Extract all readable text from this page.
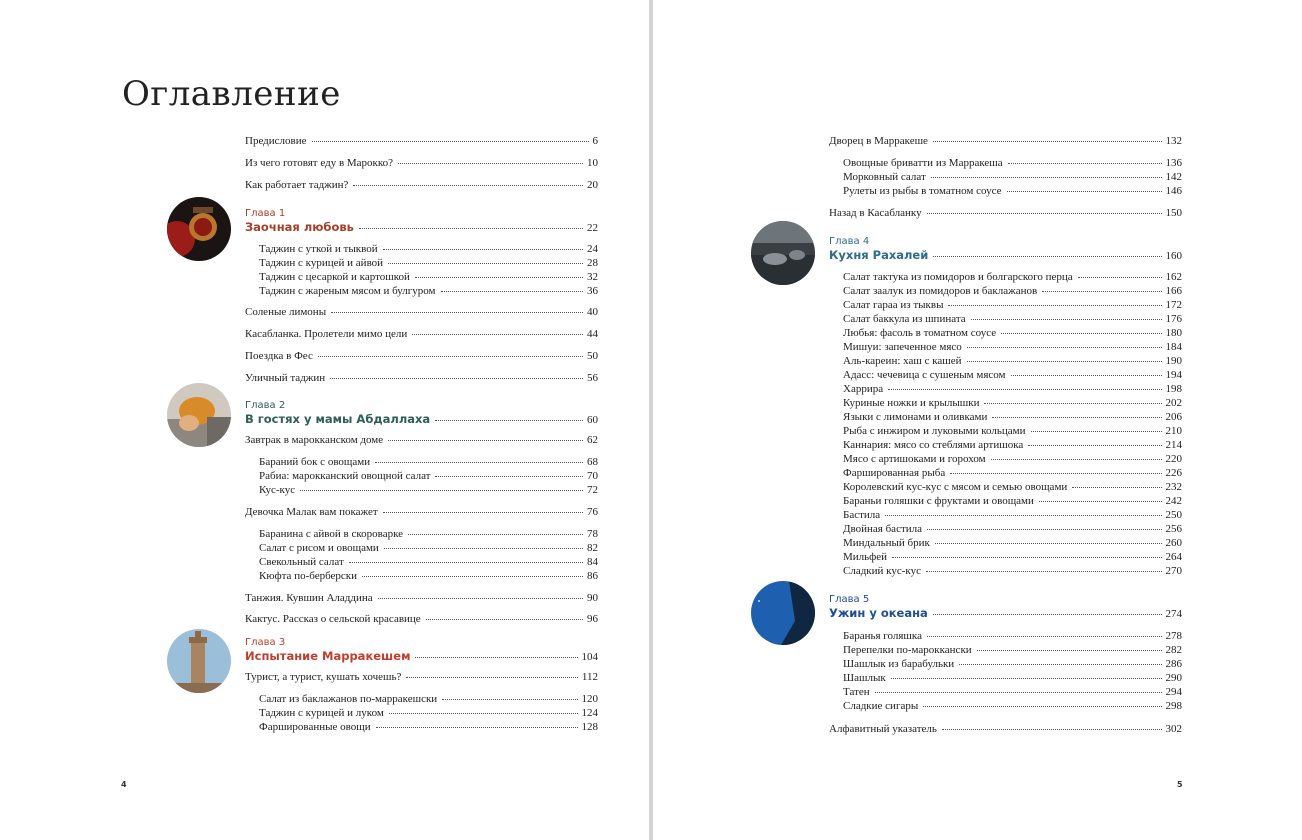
Оглавление
Предисловие	6
Из чего готовят еду в Марокко?	10
Как работает таджин?	20
Глава 1
Заочная любовь	22
Таджин с уткой и тыквой	24
Таджин с курицей и айвой	28
Таджин с цесаркой и картошкой	32
Таджин с жареным мясом и булгуром	36
Соленые лимоны	40
Касабланка. Пролетели мимо цели	44
Поездка в Фес	50
Уличный таджин	56
Глава 2
В гостях у мамы Абдаллаха	60
Завтрак в марокканском доме	62
Бараний бок с овощами	68
Рабиа: марокканский овощной салат	70
Кус-кус	72
Девочка Малак вам покажет	76
Баранина с айвой в скороварке	78
Салат с рисом и овощами	82
Свекольный салат	84
Кюфта по-берберски	86
Танжия. Кувшин Аладдина	90
Кактус. Рассказ о сельской красавице	96
Глава 3
Испытание Марракешем	104
Турист, а турист, кушать хочешь?	112
Салат из баклажанов по-марракешски	120
Таджин с курицей и луком	124
Фаршированные овощи	128
4
Дворец в Марракеше	132
Овощные бриватти из Марракеша	136
Морковный салат	142
Рулеты из рыбы в томатном соусе	146
Назад в Касабланку	150
Глава 4
Кухня Рахалей	160
Салат тактука из помидоров и болгарского перца	162
Салат заалук из помидоров и баклажанов	166
Салат гараа из тыквы	172
Салат баккула из шпината	176
Любья: фасоль в томатном соусе	180
Мишуи: запеченное мясо	184
Аль-кареин: хаш с кашей	190
Адасс: чечевица с сушеным мясом	194
Харрира	198
Куриные ножки и крылышки	202
Языки с лимонами и оливками	206
Рыба с инжиром и луковыми кольцами	210
Каннария: мясо со стеблями артишока	214
Мясо с артишоками и горохом	220
Фаршированная рыба	226
Королевский кус-кус с мясом и семью овощами	232
Бараньи голяшки с фруктами и овощами	242
Бастила	250
Двойная бастила	256
Миндальный брик	260
Мильфей	264
Сладкий кус-кус	270
Глава 5
Ужин у океана	274
Баранья голяшка	278
Перепелки по-мароккански	282
Шашлык из барабульки	286
Шашлык	290
Татен	294
Сладкие сигары	298
Алфавитный указатель	302
5
